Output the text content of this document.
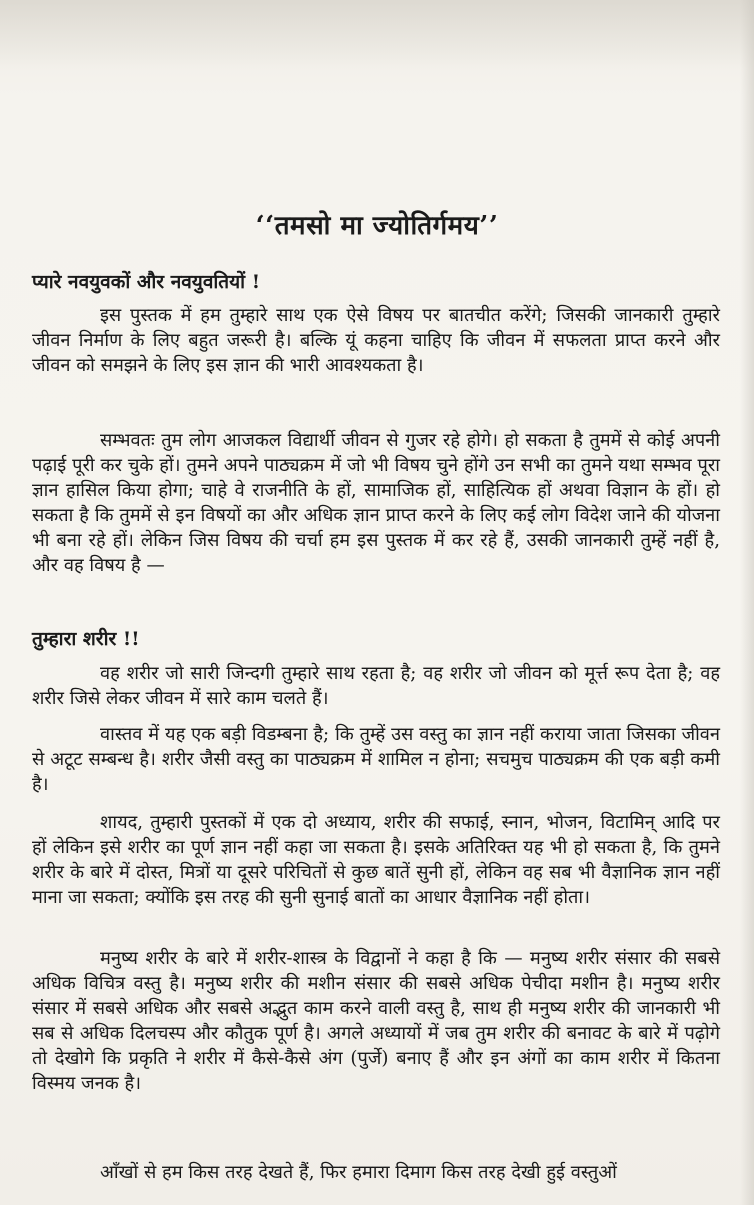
‘‘तमसो मा ज्योतिर्गमय’’
प्यारे नवयुवकों और नवयुवतियों !
इस पुस्तक में हम तुम्हारे साथ एक ऐसे विषय पर बातचीत करेंगे; जिसकी जानकारी तुम्हारे जीवन निर्माण के लिए बहुत जरूरी है। बल्कि यूं कहना चाहिए कि जीवन में सफलता प्राप्त करने और जीवन को समझने के लिए इस ज्ञान की भारी आवश्यकता है।
सम्भवतः तुम लोग आजकल विद्यार्थी जीवन से गुजर रहे होगे। हो सकता है तुममें से कोई अपनी पढ़ाई पूरी कर चुके हों। तुमने अपने पाठ्यक्रम में जो भी विषय चुने होंगे उन सभी का तुमने यथा सम्भव पूरा ज्ञान हासिल किया होगा; चाहे वे राजनीति के हों, सामाजिक हों, साहित्यिक हों अथवा विज्ञान के हों। हो सकता है कि तुममें से इन विषयों का और अधिक ज्ञान प्राप्त करने के लिए कई लोग विदेश जाने की योजना भी बना रहे हों। लेकिन जिस विषय की चर्चा हम इस पुस्तक में कर रहे हैं, उसकी जानकारी तुम्हें नहीं है, और वह विषय है —
तुम्हारा शरीर !!
वह शरीर जो सारी जिन्दगी तुम्हारे साथ रहता है; वह शरीर जो जीवन को मूर्त्त रूप देता है; वह शरीर जिसे लेकर जीवन में सारे काम चलते हैं।
वास्तव में यह एक बड़ी विडम्बना है; कि तुम्हें उस वस्तु का ज्ञान नहीं कराया जाता जिसका जीवन से अटूट सम्बन्ध है। शरीर जैसी वस्तु का पाठ्यक्रम में शामिल न होना; सचमुच पाठ्यक्रम की एक बड़ी कमी है।
शायद, तुम्हारी पुस्तकों में एक दो अध्याय, शरीर की सफाई, स्नान, भोजन, विटामिन् आदि पर हों लेकिन इसे शरीर का पूर्ण ज्ञान नहीं कहा जा सकता है। इसके अतिरिक्त यह भी हो सकता है, कि तुमने शरीर के बारे में दोस्त, मित्रों या दूसरे परिचितों से कुछ बातें सुनी हों, लेकिन वह सब भी वैज्ञानिक ज्ञान नहीं माना जा सकता; क्योंकि इस तरह की सुनी सुनाई बातों का आधार वैज्ञानिक नहीं होता।
मनुष्य शरीर के बारे में शरीर-शास्त्र के विद्वानों ने कहा है कि — मनुष्य शरीर संसार की सबसे अधिक विचित्र वस्तु है। मनुष्य शरीर की मशीन संसार की सबसे अधिक पेचीदा मशीन है। मनुष्य शरीर संसार में सबसे अधिक और सबसे अद्भुत काम करने वाली वस्तु है, साथ ही मनुष्य शरीर की जानकारी भी सब से अधिक दिलचस्प और कौतुक पूर्ण है। अगले अध्यायों में जब तुम शरीर की बनावट के बारे में पढ़ोगे तो देखोगे कि प्रकृति ने शरीर में कैसे-कैसे अंग (पुर्जे) बनाए हैं और इन अंगों का काम शरीर में कितना विस्मय जनक है।
आँखों से हम किस तरह देखते हैं, फिर हमारा दिमाग किस तरह देखी हुई वस्तुओं
